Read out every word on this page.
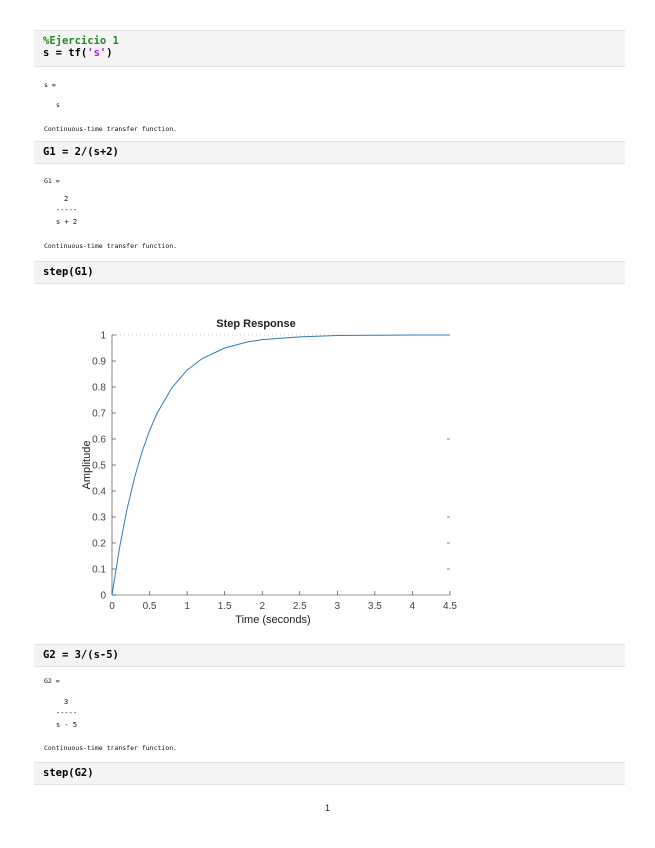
%Ejercicio 1
s = tf('s')
s =
s
Continuous-time transfer function.
G1 = 2/(s+2)
G1 =
2
-----
s + 2
Continuous-time transfer function.
step(G1)
0	0.5	1	1.5	2	2.5	3	3.5	4	4.5
0
0.1
0.2
0.3
0.4
0.5
0.6
0.7
0.8
0.9
1
Step Response
Time (seconds)
Amplitude
G2 = 3/(s-5)
G2 =
3
-----
s - 5
Continuous-time transfer function.
step(G2)
1
